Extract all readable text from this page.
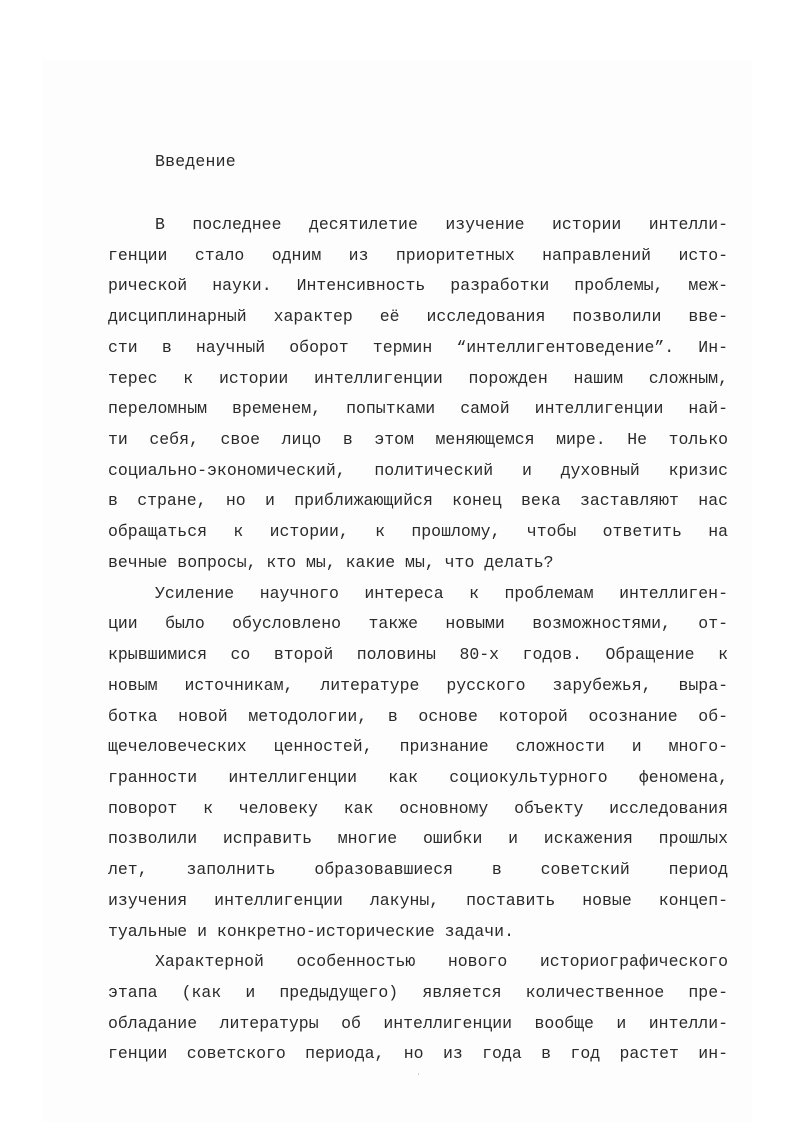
Введение
В последнее десятилетие изучение истории интелли-
генции стало одним из приоритетных направлений исто-
рической науки. Интенсивность разработки проблемы, меж-
дисциплинарный характер её исследования позволили вве-
сти в научный оборот термин “интеллигентоведение”. Ин-
терес к истории интеллигенции порожден нашим сложным,
переломным временем, попытками самой интеллигенции най-
ти себя, свое лицо в этом меняющемся мире. Не только
социально-экономический, политический и духовный кризис
в стране, но и приближающийся конец века заставляют нас
обращаться к истории, к прошлому, чтобы ответить на
вечные вопросы, кто мы, какие мы, что делать?
Усиление научного интереса к проблемам интеллиген-
ции было обусловлено также новыми возможностями, от-
крывшимися со второй половины 80-х годов. Обращение к
новым источникам, литературе русского зарубежья, выра-
ботка новой методологии, в основе которой осознание об-
щечеловеческих ценностей, признание сложности и много-
гранности интеллигенции как социокультурного феномена,
поворот к человеку как основному объекту исследования
позволили исправить многие ошибки и искажения прошлых
лет, заполнить образовавшиеся в советский период
изучения интеллигенции лакуны, поставить новые концеп-
туальные и конкретно-исторические задачи.
Характерной особенностью нового историографического
этапа (как и предыдущего) является количественное пре-
обладание литературы об интеллигенции вообще и интелли-
генции советского периода, но из года в год растет ин-
